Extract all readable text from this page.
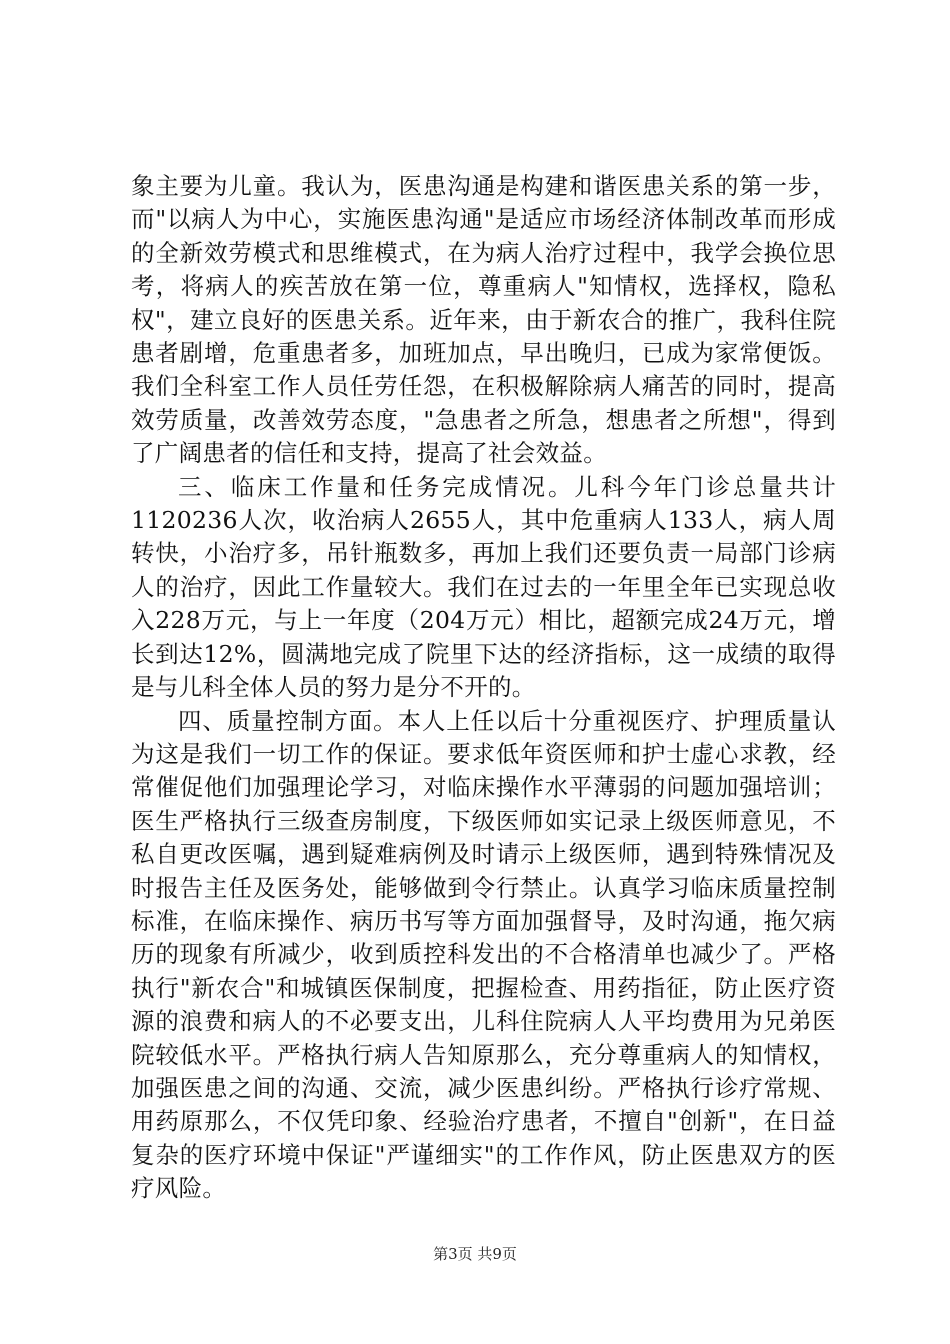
象主要为儿童。我认为，医患沟通是构建和谐医患关系的第一步，而"以病人为中心，实施医患沟通"是适应市场经济体制改革而形成的全新效劳模式和思维模式，在为病人治疗过程中，我学会换位思考，将病人的疾苦放在第一位，尊重病人"知情权，选择权，隐私权"，建立良好的医患关系。近年来，由于新农合的推广，我科住院患者剧增，危重患者多，加班加点，早出晚归，已成为家常便饭。我们全科室工作人员任劳任怨，在积极解除病人痛苦的同时，提高效劳质量，改善效劳态度，"急患者之所急，想患者之所想"，得到了广阔患者的信任和支持，提高了社会效益。

三、临床工作量和任务完成情况。儿科今年门诊总量共计1120236人次，收治病人2655人，其中危重病人133人，病人周转快，小治疗多，吊针瓶数多，再加上我们还要负责一局部门诊病人的治疗，因此工作量较大。我们在过去的一年里全年已实现总收入228万元，与上一年度（204万元）相比，超额完成24万元，增长到达12%，圆满地完成了院里下达的经济指标，这一成绩的取得是与儿科全体人员的努力是分不开的。

四、质量控制方面。本人上任以后十分重视医疗、护理质量认为这是我们一切工作的保证。要求低年资医师和护士虚心求教，经常催促他们加强理论学习，对临床操作水平薄弱的问题加强培训；医生严格执行三级查房制度，下级医师如实记录上级医师意见，不私自更改医嘱，遇到疑难病例及时请示上级医师，遇到特殊情况及时报告主任及医务处，能够做到令行禁止。认真学习临床质量控制标准，在临床操作、病历书写等方面加强督导，及时沟通，拖欠病历的现象有所减少，收到质控科发出的不合格清单也减少了。严格执行"新农合"和城镇医保制度，把握检查、用药指征，防止医疗资源的浪费和病人的不必要支出，儿科住院病人人平均费用为兄弟医院较低水平。严格执行病人告知原那么，充分尊重病人的知情权，加强医患之间的沟通、交流，减少医患纠纷。严格执行诊疗常规、用药原那么，不仅凭印象、经验治疗患者，不擅自"创新"，在日益复杂的医疗环境中保证"严谨细实"的工作作风，防止医患双方的医疗风险。

第3页 共9页
